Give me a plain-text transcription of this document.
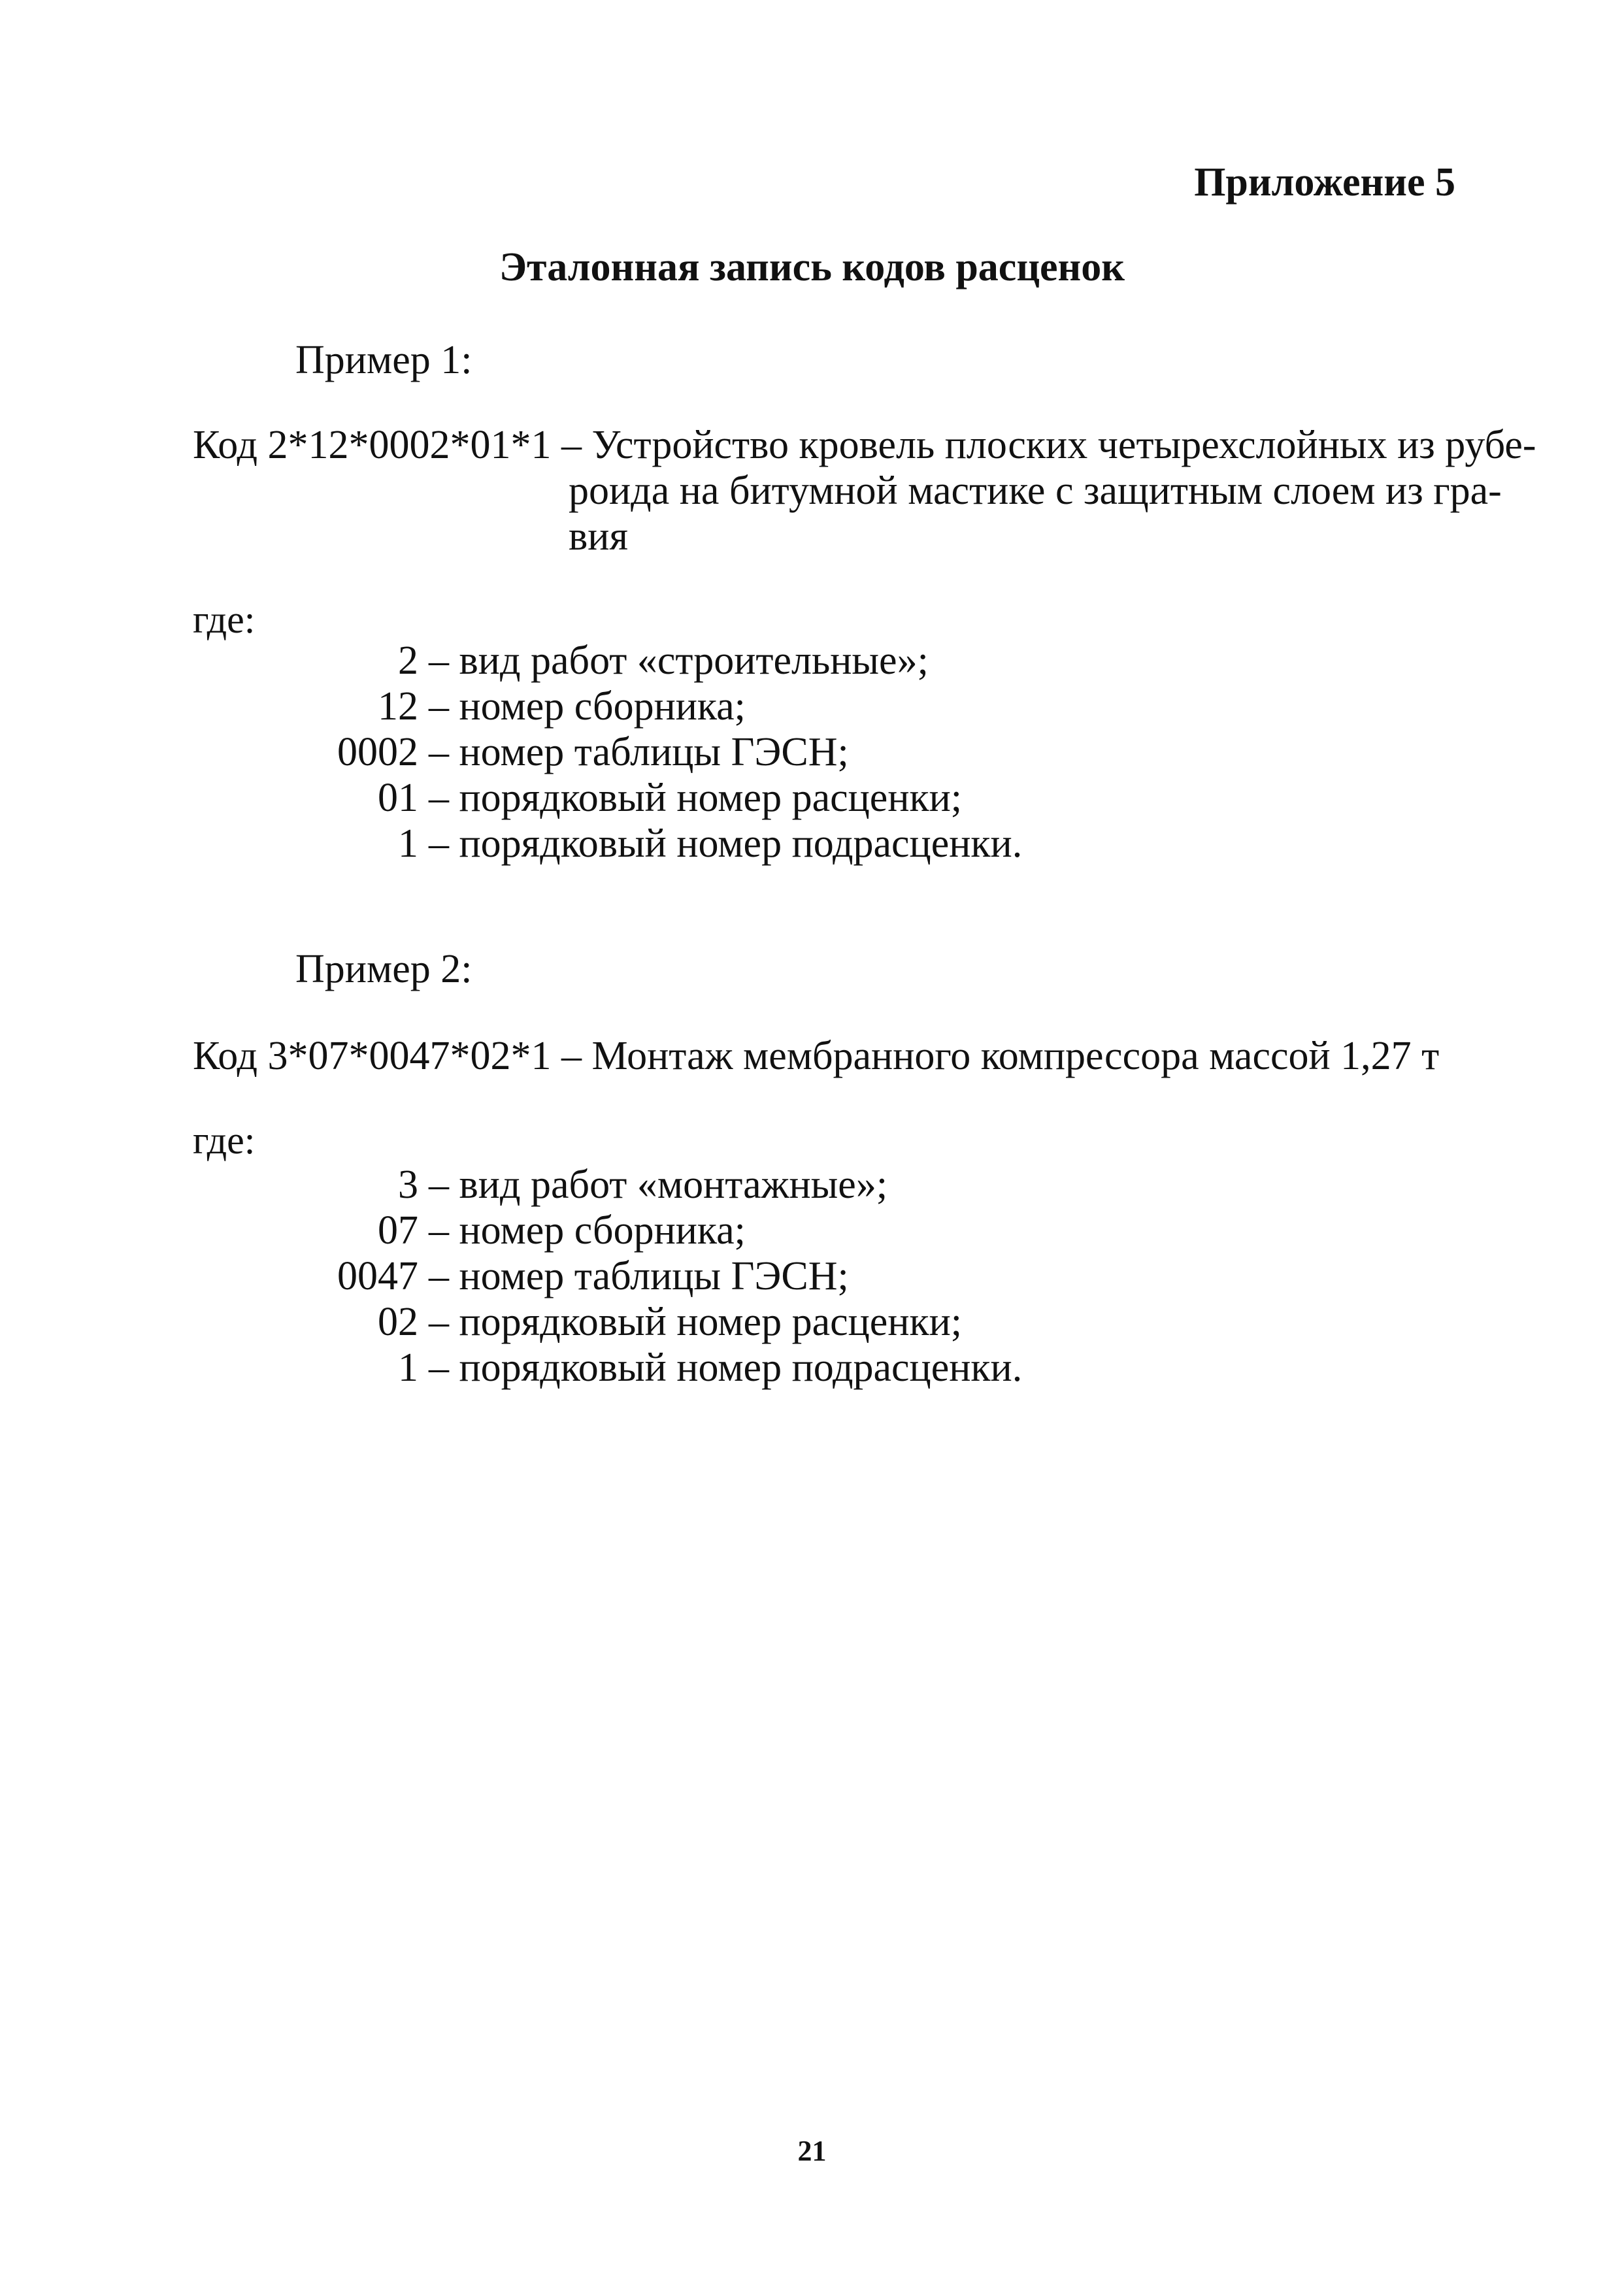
Приложение 5
Эталонная запись кодов расценок
Пример 1:
Код 2*12*0002*01*1 – Устройство кровель плоских четырехслойных из рубе-
роида на битумной мастике с защитным слоем из гра-
вия
где:
2 – вид работ «строительные»;
12 – номер сборника;
0002 – номер таблицы ГЭСН;
01 – порядковый номер расценки;
1 – порядковый номер подрасценки.
Пример 2:
Код 3*07*0047*02*1 – Монтаж мембранного компрессора массой 1,27 т
где:
3 – вид работ «монтажные»;
07 – номер сборника;
0047 – номер таблицы ГЭСН;
02 – порядковый номер расценки;
1 – порядковый номер подрасценки.
21
